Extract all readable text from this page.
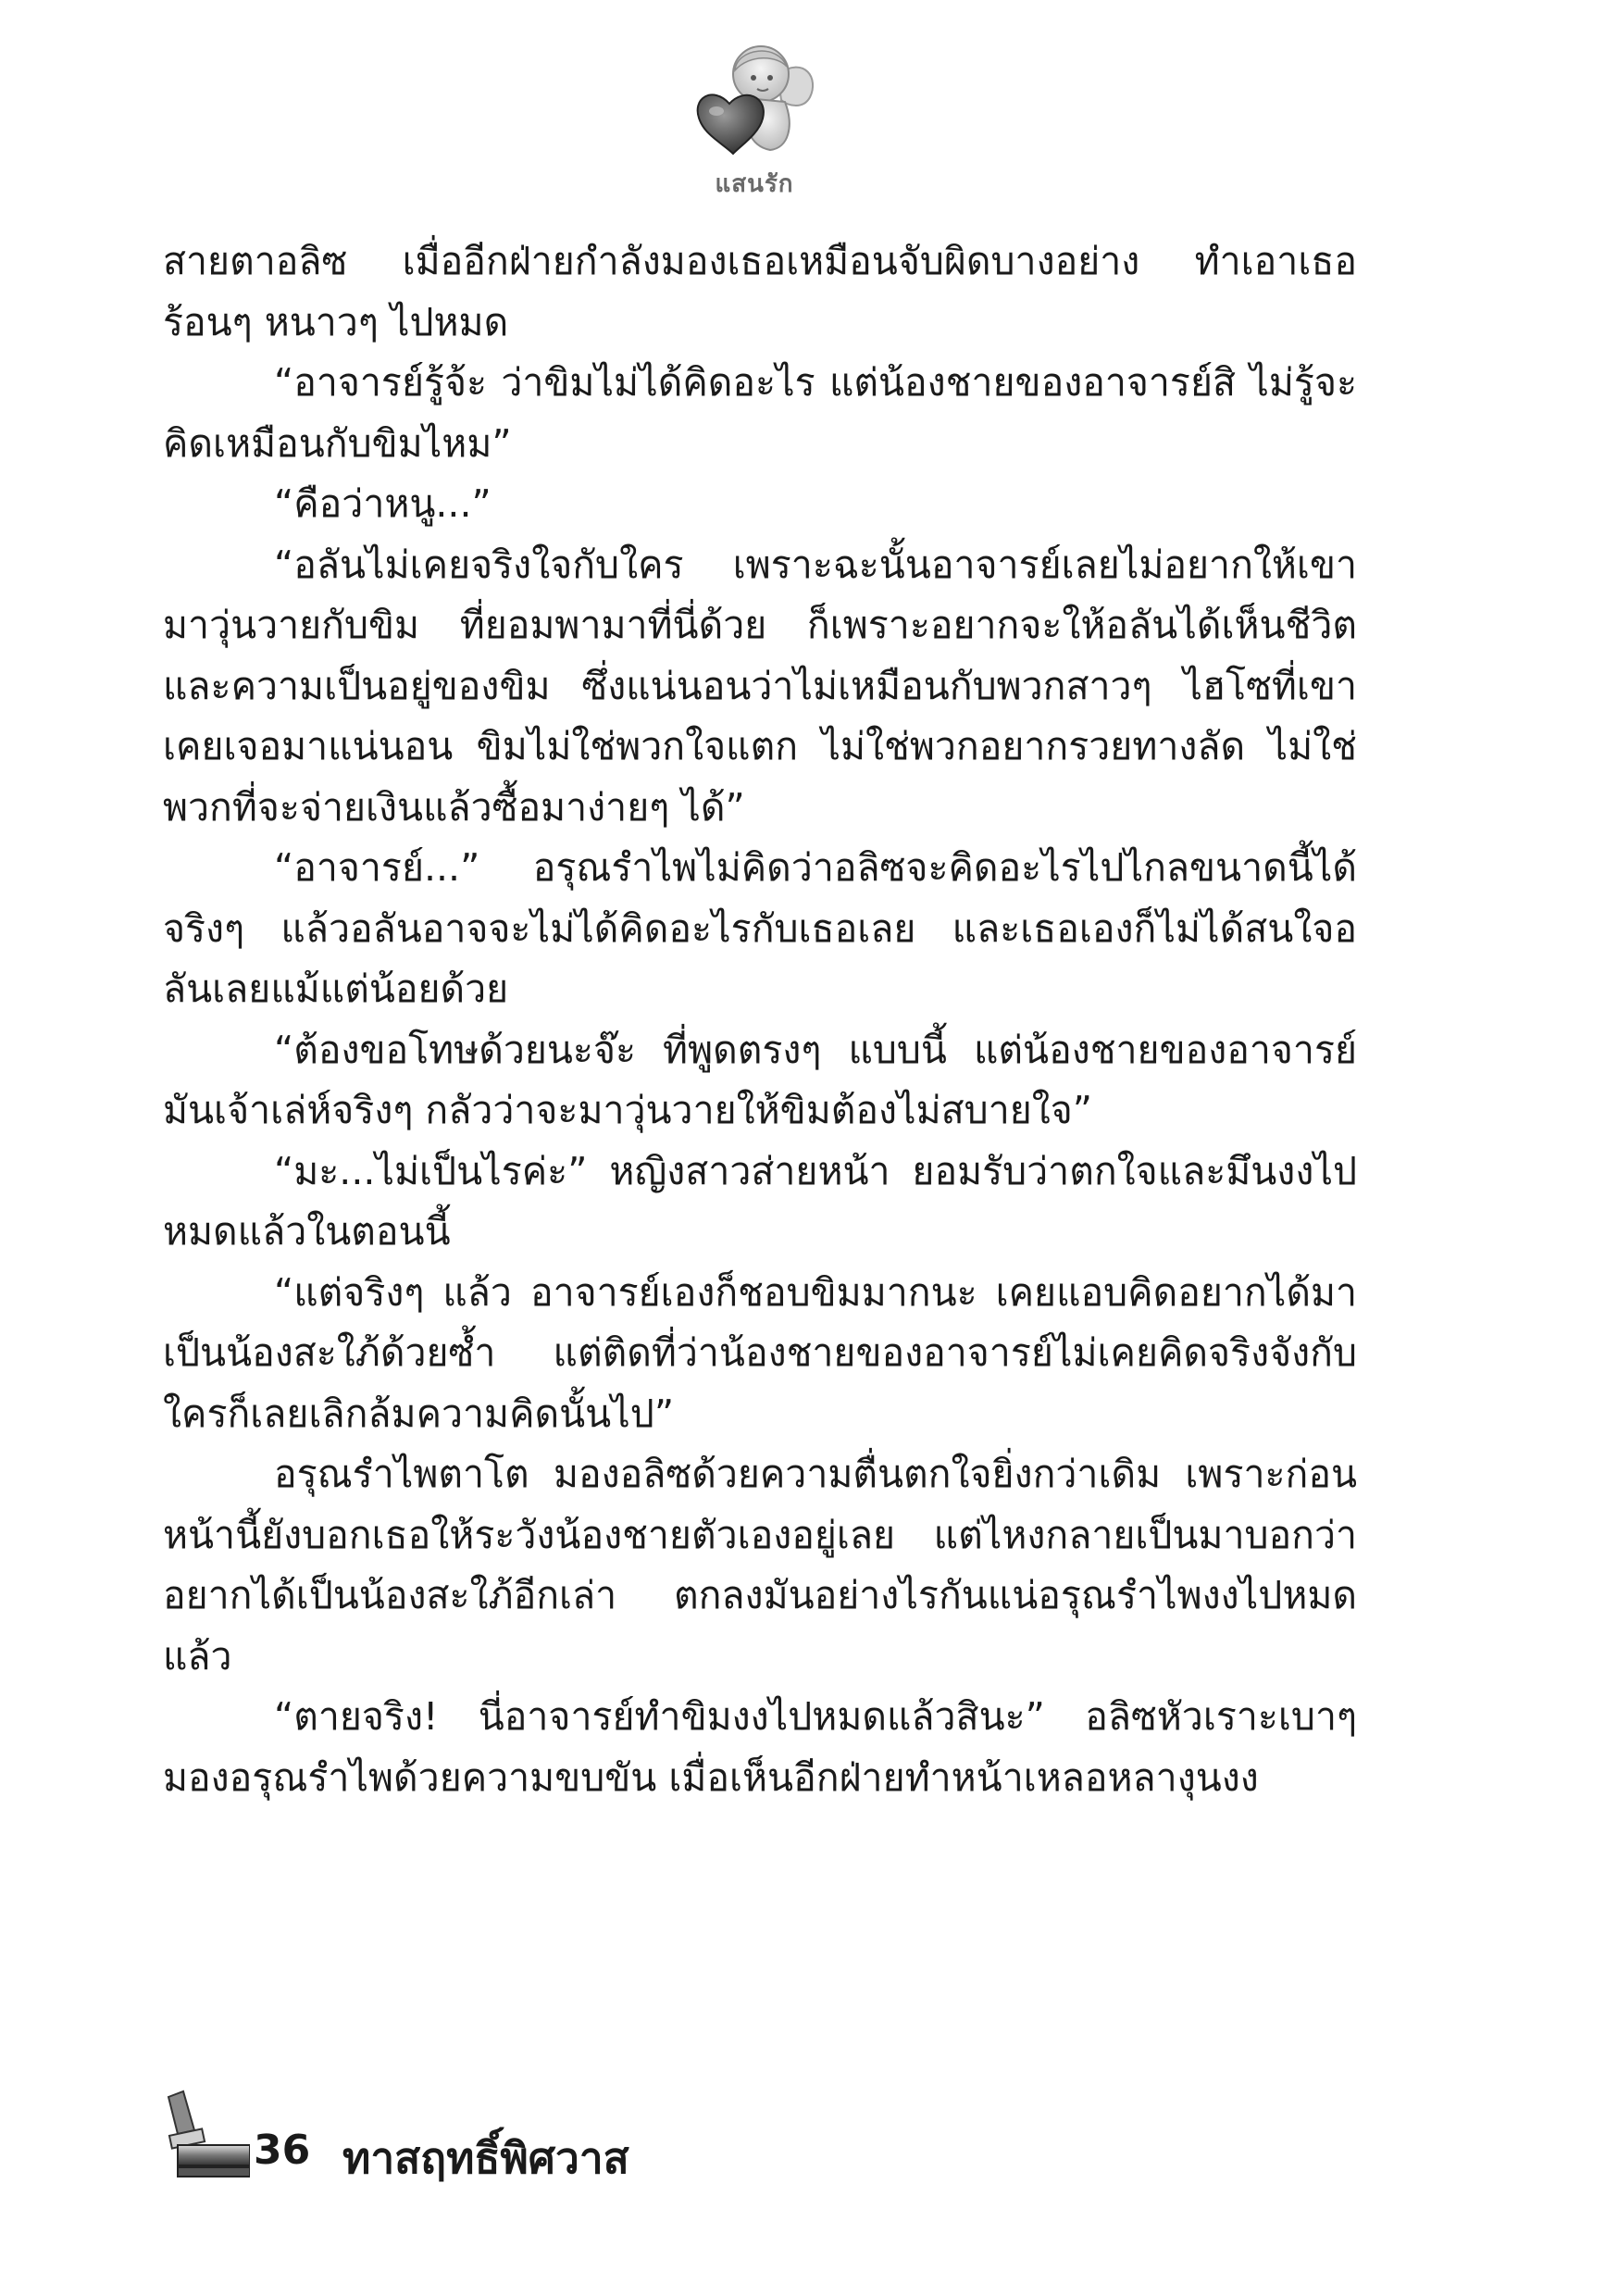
แสนรัก

สายตาอลิซ เมื่ออีกฝ่ายกำลังมองเธอเหมือนจับผิดบางอย่าง ทำเอาเธอร้อนๆ หนาวๆ ไปหมด

“อาจารย์รู้จ้ะ ว่าขิมไม่ได้คิดอะไร แต่น้องชายของอาจารย์สิ ไม่รู้จะคิดเหมือนกับขิมไหม”

“คือว่าหนู...”

“อลันไม่เคยจริงใจกับใคร เพราะฉะนั้นอาจารย์เลยไม่อยากให้เขามาวุ่นวายกับขิม ที่ยอมพามาที่นี่ด้วย ก็เพราะอยากจะให้อลันได้เห็นชีวิตและความเป็นอยู่ของขิม ซึ่งแน่นอนว่าไม่เหมือนกับพวกสาวๆ ไฮโซที่เขาเคยเจอมาแน่นอน ขิมไม่ใช่พวกใจแตก ไม่ใช่พวกอยากรวยทางลัด ไม่ใช่พวกที่จะจ่ายเงินแล้วซื้อมาง่ายๆ ได้”

“อาจารย์...” อรุณรำไพไม่คิดว่าอลิซจะคิดอะไรไปไกลขนาดนี้ได้จริงๆ แล้วอลันอาจจะไม่ได้คิดอะไรกับเธอเลย และเธอเองก็ไม่ได้สนใจอลันเลยแม้แต่น้อยด้วย

“ต้องขอโทษด้วยนะจ๊ะ ที่พูดตรงๆ แบบนี้ แต่น้องชายของอาจารย์มันเจ้าเล่ห์จริงๆ กลัวว่าจะมาวุ่นวายให้ขิมต้องไม่สบายใจ”

“มะ...ไม่เป็นไรค่ะ” หญิงสาวส่ายหน้า ยอมรับว่าตกใจและมึนงงไปหมดแล้วในตอนนี้

“แต่จริงๆ แล้ว อาจารย์เองก็ชอบขิมมากนะ เคยแอบคิดอยากได้มาเป็นน้องสะใภ้ด้วยซ้ำ แต่ติดที่ว่าน้องชายของอาจารย์ไม่เคยคิดจริงจังกับใครก็เลยเลิกล้มความคิดนั้นไป”

อรุณรำไพตาโต มองอลิซด้วยความตื่นตกใจยิ่งกว่าเดิม เพราะก่อนหน้านี้ยังบอกเธอให้ระวังน้องชายตัวเองอยู่เลย แต่ไหงกลายเป็นมาบอกว่าอยากได้เป็นน้องสะใภ้อีกเล่า ตกลงมันอย่างไรกันแน่อรุณรำไพงงไปหมดแล้ว

“ตายจริง! นี่อาจารย์ทำขิมงงไปหมดแล้วสินะ” อลิซหัวเราะเบาๆ มองอรุณรำไพด้วยความขบขัน เมื่อเห็นอีกฝ่ายทำหน้าเหลอหลางุนงง

36 ทาสฤทธิ์พิศวาส
